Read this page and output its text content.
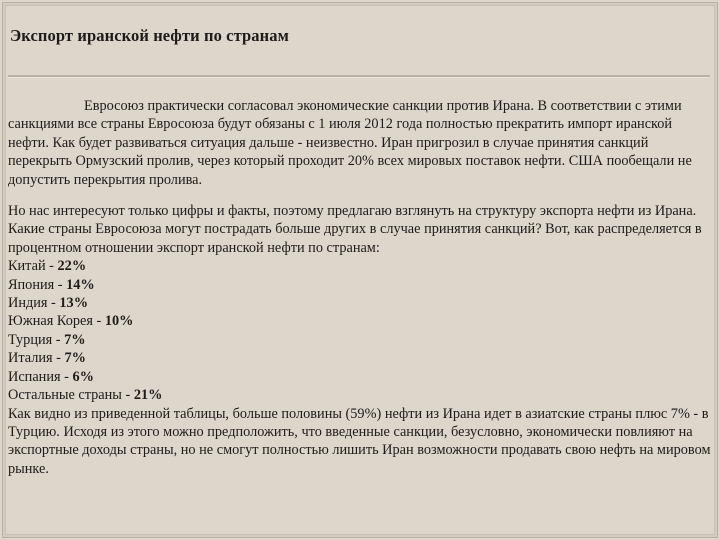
Экспорт иранской нефти по странам

Евросоюз практически согласовал экономические санкции против Ирана. В соответствии с этими санкциями все страны Евросоюза будут обязаны с 1 июля 2012 года полностью прекратить импорт иранской нефти. Как будет развиваться ситуация дальше - неизвестно. Иран пригрозил в случае принятия санкций перекрыть Ормузский пролив, через который проходит 20% всех мировых поставок нефти. США пообещали не допустить перекрытия пролива.

Но нас интересуют только цифры и факты, поэтому предлагаю взглянуть на структуру экспорта нефти из Ирана. Какие страны Евросоюза могут пострадать больше других в случае принятия санкций? Вот, как распределяется в процентном отношении экспорт иранской нефти по странам:

Китай - 22%
Япония - 14%
Индия - 13%
Южная Корея - 10%
Турция - 7%
Италия - 7%
Испания - 6%
Остальные страны - 21%

Как видно из приведенной таблицы, больше половины (59%) нефти из Ирана идет в азиатские страны плюс 7% - в Турцию. Исходя из этого можно предположить, что введенные санкции, безусловно, экономически повлияют на экспортные доходы страны, но не смогут полностью лишить Иран возможности продавать свою нефть на мировом рынке.
